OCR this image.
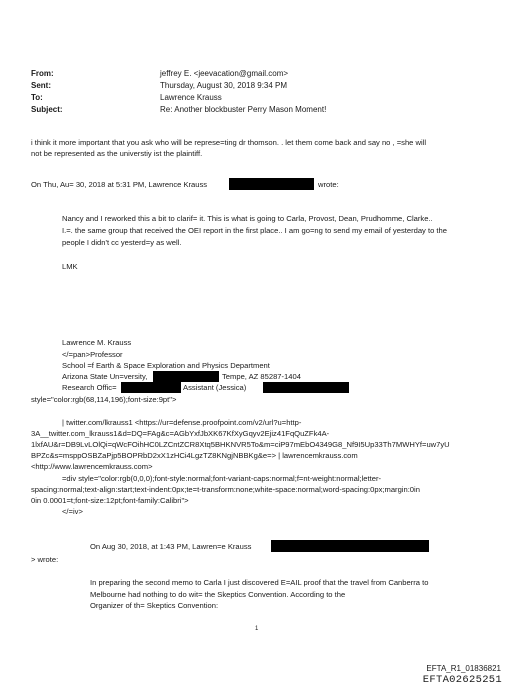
From:	jeffrey E. <jeevacation@gmail.com>
Sent:	Thursday, August 30, 2018 9:34 PM
To:	Lawrence Krauss
Subject:	Re: Another blockbuster Perry Mason Moment!
i think it more important that you ask who will be represe=ting dr thomson. . let them come back and say no , =she will
not be represented as the universtiy ist the plaintiff.
On Thu, Au= 30, 2018 at 5:31 PM, Lawrence Krauss	wrote:
Nancy and I reworked this a bit to clarif= it. This is what is going to Carla, Provost, Dean, Prudhomme, Clarke..
I.=. the same group that received the OEI report in the first place.. I am go=ng to send my email of yesterday to the
people I didn't cc yesterd=y as well.
LMK
Lawrence M. Krauss
</=pan>Professor
School =f Earth & Space Exploration and Physics Department
Arizona State Un=versity,	Tempe, AZ 85287-1404
Research Offic=	Assistant (Jessica)
style="color:rgb(68,114,196);font-size:9pt">
| twitter.com/lkrauss1 <https://ur=defense.proofpoint.com/v2/url?u=http-
3A__twitter.com_lkrauss1&d=DQ=FAg&c=AGbYxfJbXK67KfXyGqyv2Ejiz41FqQuZFk4A-
1lxfAU&r=DB9LvLOlQi=qWcFOihHC0LZCntZCR8Xtq5BHKNVR5To&m=ciP97mEbO4349G8_Nf9I5Up33Th7MWHYf=uw7yU
BPZc&s=msppOSBZaPjp5BOPRbD2xX1zHCi4LgzTZ8KNgjNBBKg&e=> | lawrencemkrauss.com
<http://www.lawrencemkrauss.com>
=div style="color:rgb(0,0,0);font-style:normal;font-variant-caps:normal;f=nt-weight:normal;letter-
spacing:normal;text-align:start;text-indent:0px;te=t-transform:none;white-space:normal;word-spacing:0px;margin:0in
0in 0.0001=t;font-size:12pt;font-family:Calibri">
</=iv>
On Aug 30, 2018, at 1:43 PM, Lawren=e Krauss
> wrote:
In preparing the second memo to Carla I just discovered E=AIL proof that the travel from Canberra to
Melbourne had nothing to do wit= the Skeptics Convention. According to the
Organizer of th= Skeptics Convention:
1
EFTA_R1_01836821
EFTA02625251
